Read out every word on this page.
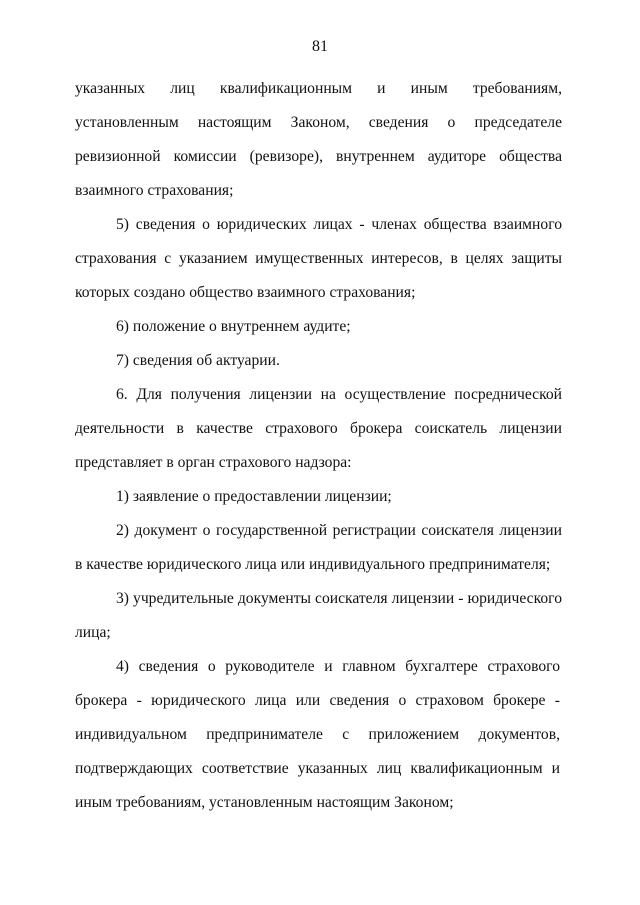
81

указанных лиц квалификационным и иным требованиям, установленным настоящим Законом, сведения о председателе ревизионной комиссии (ревизоре), внутреннем аудиторе общества взаимного страхования;

5) сведения о юридических лицах - членах общества взаимного страхования с указанием имущественных интересов, в целях защиты которых создано общество взаимного страхования;

6) положение о внутреннем аудите;

7) сведения об актуарии.

6. Для получения лицензии на осуществление посреднической деятельности в качестве страхового брокера соискатель лицензии представляет в орган страхового надзора:

1) заявление о предоставлении лицензии;

2) документ о государственной регистрации соискателя лицензии в качестве юридического лица или индивидуального предпринимателя;

3) учредительные документы соискателя лицензии - юридического лица;

4) сведения о руководителе и главном бухгалтере страхового брокера - юридического лица или сведения о страховом брокере - индивидуальном предпринимателе с приложением документов, подтверждающих соответствие указанных лиц квалификационным и иным требованиям, установленным настоящим Законом;
